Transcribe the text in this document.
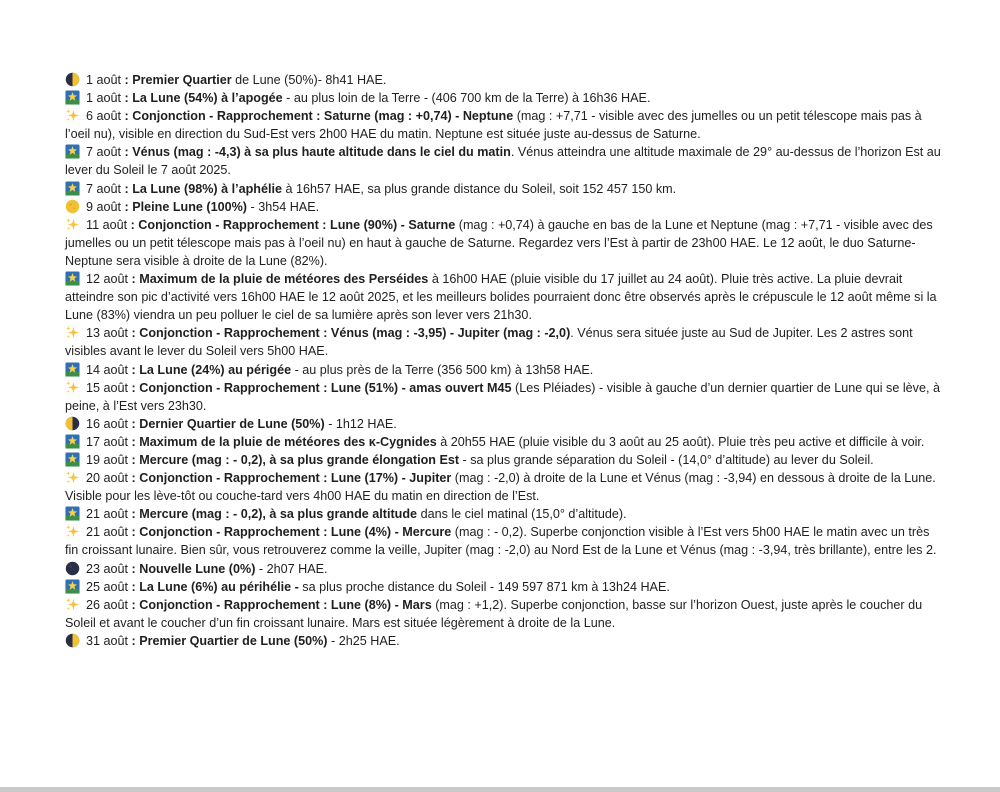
1 août : Premier Quartier de Lune (50%)- 8h41 HAE.
1 août : La Lune (54%) à l’apogée - au plus loin de la Terre - (406 700 km de la Terre) à 16h36 HAE.
6 août : Conjonction - Rapprochement : Saturne (mag : +0,74) - Neptune (mag : +7,71 - visible avec des jumelles ou un petit télescope mais pas à l’oeil nu), visible en direction du Sud-Est vers 2h00 HAE du matin. Neptune est située juste au-dessus de Saturne.
7 août : Vénus (mag : -4,3) à sa plus haute altitude dans le ciel du matin. Vénus atteindra une altitude maximale de 29° au-dessus de l’horizon Est au lever du Soleil le 7 août 2025.
7 août : La Lune (98%) à l’aphélie à 16h57 HAE, sa plus grande distance du Soleil, soit 152 457 150 km.
9 août : Pleine Lune (100%) - 3h54 HAE.
11 août : Conjonction - Rapprochement : Lune (90%) - Saturne (mag : +0,74) à gauche en bas de la Lune et Neptune (mag : +7,71 - visible avec des jumelles ou un petit télescope mais pas à l’oeil nu) en haut à gauche de Saturne. Regardez vers l’Est à partir de 23h00 HAE. Le 12 août, le duo Saturne-Neptune sera visible à droite de la Lune (82%).
12 août : Maximum de la pluie de météores des Perséides à 16h00 HAE (pluie visible du 17 juillet au 24 août). Pluie très active. La pluie devrait atteindre son pic d’activité vers 16h00 HAE le 12 août 2025, et les meilleurs bolides pourraient donc être observés après le crépuscule le 12 août même si la Lune (83%) viendra un peu polluer le ciel de sa lumière après son lever vers 21h30.
13 août : Conjonction - Rapprochement : Vénus (mag : -3,95) - Jupiter (mag : -2,0). Vénus sera située juste au Sud de Jupiter. Les 2 astres sont visibles avant le lever du Soleil vers 5h00 HAE.
14 août : La Lune (24%) au périgée - au plus près de la Terre (356 500 km) à 13h58 HAE.
15 août : Conjonction - Rapprochement : Lune (51%) - amas ouvert M45 (Les Pléiades) - visible à gauche d’un dernier quartier de Lune qui se lève, à peine, à l’Est vers 23h30.
16 août : Dernier Quartier de Lune (50%) - 1h12 HAE.
17 août : Maximum de la pluie de météores des κ-Cygnides à 20h55 HAE (pluie visible du 3 août au 25 août). Pluie très peu active et difficile à voir.
19 août : Mercure (mag : - 0,2), à sa plus grande élongation Est - sa plus grande séparation du Soleil - (14,0° d’altitude) au lever du Soleil.
20 août : Conjonction - Rapprochement : Lune (17%) - Jupiter (mag : -2,0) à droite de la Lune et Vénus (mag : -3,94) en dessous à droite de la Lune. Visible pour les lève-tôt ou couche-tard vers 4h00 HAE du matin en direction de l’Est.
21 août : Mercure (mag : - 0,2), à sa plus grande altitude dans le ciel matinal (15,0° d’altitude).
21 août : Conjonction - Rapprochement : Lune (4%) - Mercure (mag : - 0,2). Superbe conjonction visible à l’Est vers 5h00 HAE le matin avec un très fin croissant lunaire. Bien sûr, vous retrouverez comme la veille, Jupiter (mag : -2,0) au Nord Est de la Lune et Vénus (mag : -3,94, très brillante), entre les 2.
23 août : Nouvelle Lune (0%) - 2h07 HAE.
25 août : La Lune (6%) au périhélie - sa plus proche distance du Soleil - 149 597 871 km à 13h24 HAE.
26 août : Conjonction - Rapprochement : Lune (8%) - Mars (mag : +1,2). Superbe conjonction, basse sur l’horizon Ouest, juste après le coucher du Soleil et avant le coucher d’un fin croissant lunaire. Mars est située légèrement à droite de la Lune.
31 août : Premier Quartier de Lune (50%) - 2h25 HAE.
